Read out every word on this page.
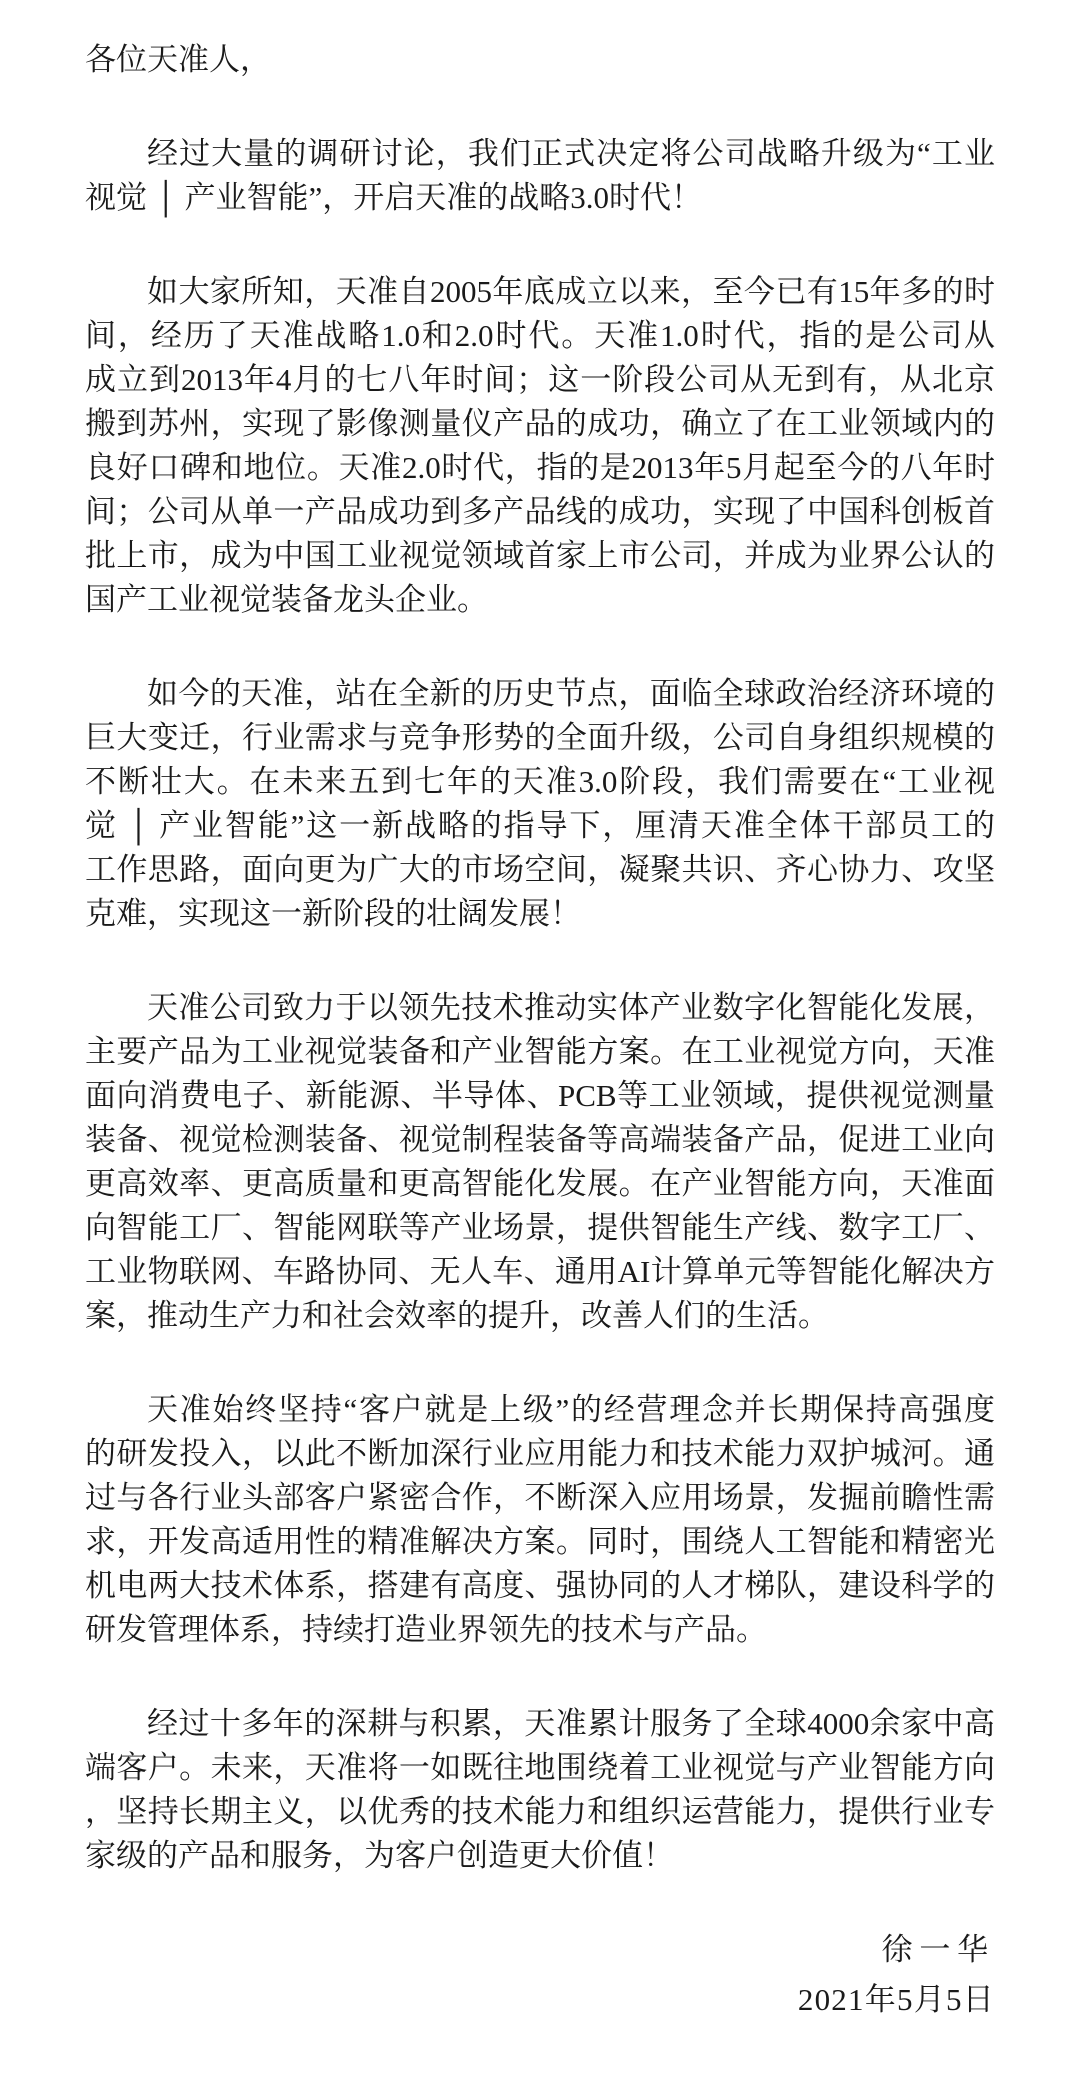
各位天准人，
经过大量的调研讨论，我们正式决定将公司战略升级为“工业
视觉 │ 产业智能”，开启天准的战略3.0时代！
如大家所知，天准自2005年底成立以来，至今已有15年多的时
间，经历了天准战略1.0和2.0时代。天准1.0时代，指的是公司从
成立到2013年4月的七八年时间；这一阶段公司从无到有，从北京
搬到苏州，实现了影像测量仪产品的成功，确立了在工业领域内的
良好口碑和地位。天准2.0时代，指的是2013年5月起至今的八年时
间；公司从单一产品成功到多产品线的成功，实现了中国科创板首
批上市，成为中国工业视觉领域首家上市公司，并成为业界公认的
国产工业视觉装备龙头企业。
如今的天准，站在全新的历史节点，面临全球政治经济环境的
巨大变迁，行业需求与竞争形势的全面升级，公司自身组织规模的
不断壮大。在未来五到七年的天准3.0阶段，我们需要在“工业视
觉 │ 产业智能”这一新战略的指导下，厘清天准全体干部员工的
工作思路，面向更为广大的市场空间，凝聚共识、齐心协力、攻坚
克难，实现这一新阶段的壮阔发展！
天准公司致力于以领先技术推动实体产业数字化智能化发展，
主要产品为工业视觉装备和产业智能方案。在工业视觉方向，天准
面向消费电子、新能源、半导体、PCB等工业领域，提供视觉测量
装备、视觉检测装备、视觉制程装备等高端装备产品，促进工业向
更高效率、更高质量和更高智能化发展。在产业智能方向，天准面
向智能工厂、智能网联等产业场景，提供智能生产线、数字工厂、
工业物联网、车路协同、无人车、通用AI计算单元等智能化解决方
案，推动生产力和社会效率的提升，改善人们的生活。
天准始终坚持“客户就是上级”的经营理念并长期保持高强度
的研发投入，以此不断加深行业应用能力和技术能力双护城河。通
过与各行业头部客户紧密合作，不断深入应用场景，发掘前瞻性需
求，开发高适用性的精准解决方案。同时，围绕人工智能和精密光
机电两大技术体系，搭建有高度、强协同的人才梯队，建设科学的
研发管理体系，持续打造业界领先的技术与产品。
经过十多年的深耕与积累，天准累计服务了全球4000余家中高
端客户。未来，天准将一如既往地围绕着工业视觉与产业智能方向
，坚持长期主义，以优秀的技术能力和组织运营能力，提供行业专
家级的产品和服务，为客户创造更大价值！
徐一华
2021年5月5日
